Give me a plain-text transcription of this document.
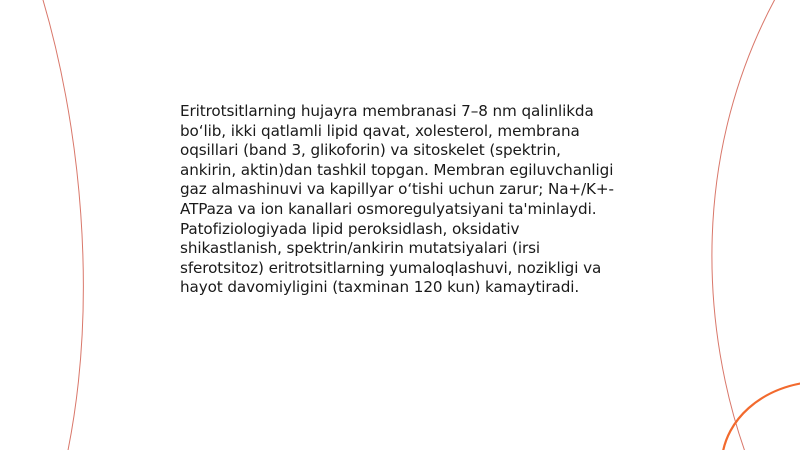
Eritrotsitlarning hujayra membranasi 7–8 nm qalinlikda bo‘lib, ikki qatlamli lipid qavat, xolesterol, membrana oqsillari (band 3, glikoforin) va sitoskelet (spektrin, ankirin, aktin)dan tashkil topgan. Membran egiluvchanligi gaz almashinuvi va kapillyar o‘tishi uchun zarur; Na+/K+-ATPaza va ion kanallari osmoregulyatsiyani ta'minlaydi. Patofiziologiyada lipid peroksidlash, oksidativ shikastlanish, spektrin/ankirin mutatsiyalari (irsi sferotsitoz) eritrotsitlarning yumaloqlashuvi, nozikligi va hayot davomiyligini (taxminan 120 kun) kamaytiradi.
